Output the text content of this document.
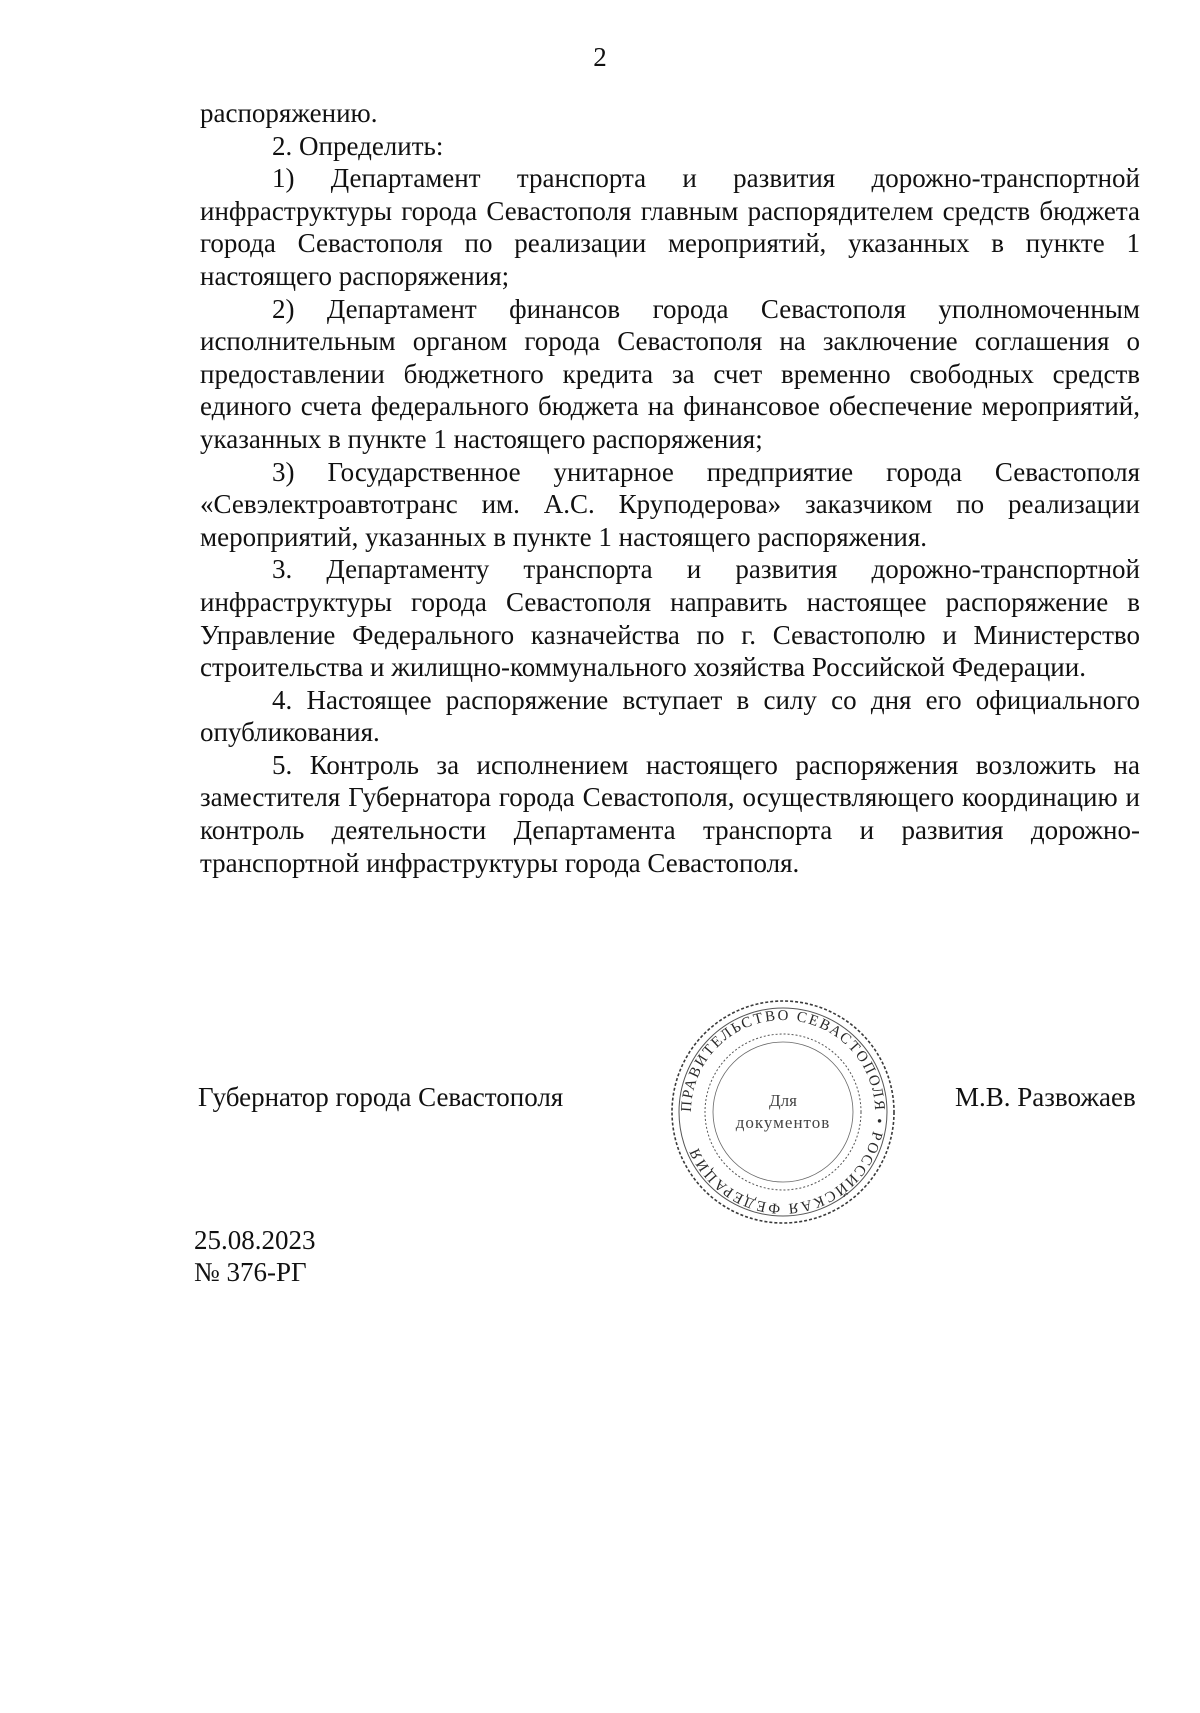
2

распоряжению.

2. Определить:

1) Департамент транспорта и развития дорожно-транспортной инфраструктуры города Севастополя главным распорядителем средств бюджета города Севастополя по реализации мероприятий, указанных в пункте 1 настоящего распоряжения;

2) Департамент финансов города Севастополя уполномоченным исполнительным органом города Севастополя на заключение соглашения о предоставлении бюджетного кредита за счет временно свободных средств единого счета федерального бюджета на финансовое обеспечение мероприятий, указанных в пункте 1 настоящего распоряжения;

3) Государственное унитарное предприятие города Севастополя «Севэлектроавтотранс им. А.С. Круподерова» заказчиком по реализации мероприятий, указанных в пункте 1 настоящего распоряжения.

3. Департаменту транспорта и развития дорожно-транспортной инфраструктуры города Севастополя направить настоящее распоряжение в Управление Федерального казначейства по г. Севастополю и Министерство строительства и жилищно-коммунального хозяйства Российской Федерации.

4. Настоящее распоряжение вступает в силу со дня его официального опубликования.

5. Контроль за исполнением настоящего распоряжения возложить на заместителя Губернатора города Севастополя, осуществляющего координацию и контроль деятельности Департамента транспорта и развития дорожно-транспортной инфраструктуры города Севастополя.

Губернатор города Севастополя	ПРАВИТЕЛЬСТВО СЕВАСТОПОЛЯ • РОССИЙСКАЯ ФЕДЕРАЦИЯ
Для
документов
М.В. Развожаев
25.08.2023
№ 376-РГ
